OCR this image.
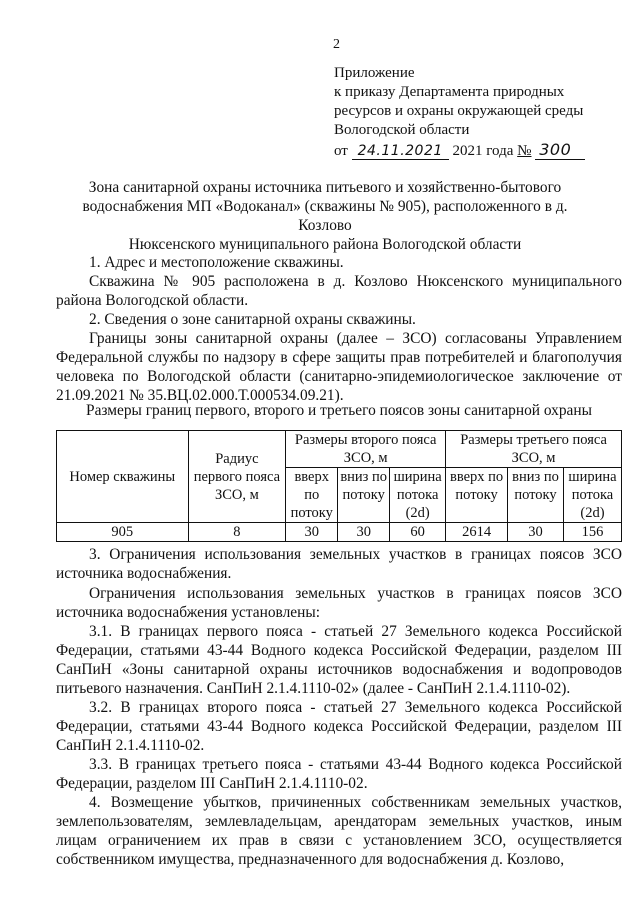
2
Приложение
к приказу Департамента природных
ресурсов и охраны окружающей среды
Вологодской области
от 24.11.2021 2021 года № 300
Зона санитарной охраны источника питьевого и хозяйственно-бытового
водоснабжения МП «Водоканал» (скважины № 905), расположенного в д. Козлово
Нюксенского муниципального района Вологодской области
1. Адрес и местоположение скважины.
Скважина № 905 расположена в д. Козлово Нюксенского муниципального района Вологодской области.
2. Сведения о зоне санитарной охраны скважины.
Границы зоны санитарной охраны (далее – ЗСО) согласованы Управлением Федеральной службы по надзору в сфере защиты прав потребителей и благополучия человека по Вологодской области (санитарно-эпидемиологическое заключение от 21.09.2021 № 35.ВЦ.02.000.Т.000534.09.21).
Размеры границ первого, второго и третьего поясов зоны санитарной охраны
Номер скважины	Радиус первого пояса ЗСО, м	Размеры второго пояса ЗСО, м			Размеры третьего пояса ЗСО, м		
		вверх по потоку	вниз по потоку	ширина потока (2d)	вверх по потоку	вниз по потоку	ширина потока (2d)
905	8	30	30	60	2614	30	156
3. Ограничения использования земельных участков в границах поясов ЗСО источника водоснабжения.
Ограничения использования земельных участков в границах поясов ЗСО источника водоснабжения установлены:
3.1. В границах первого пояса - статьей 27 Земельного кодекса Российской Федерации, статьями 43-44 Водного кодекса Российской Федерации, разделом III СанПиН «Зоны санитарной охраны источников водоснабжения и водопроводов питьевого назначения. СанПиН 2.1.4.1110-02» (далее - СанПиН 2.1.4.1110-02).
3.2. В границах второго пояса - статьей 27 Земельного кодекса Российской Федерации, статьями 43-44 Водного кодекса Российской Федерации, разделом III СанПиН 2.1.4.1110-02.
3.3. В границах третьего пояса - статьями 43-44 Водного кодекса Российской Федерации, разделом III СанПиН 2.1.4.1110-02.
4. Возмещение убытков, причиненных собственникам земельных участков, землепользователям, землевладельцам, арендаторам земельных участков, иным лицам ограничением их прав в связи с установлением ЗСО, осуществляется собственником имущества, предназначенного для водоснабжения д. Козлово,
